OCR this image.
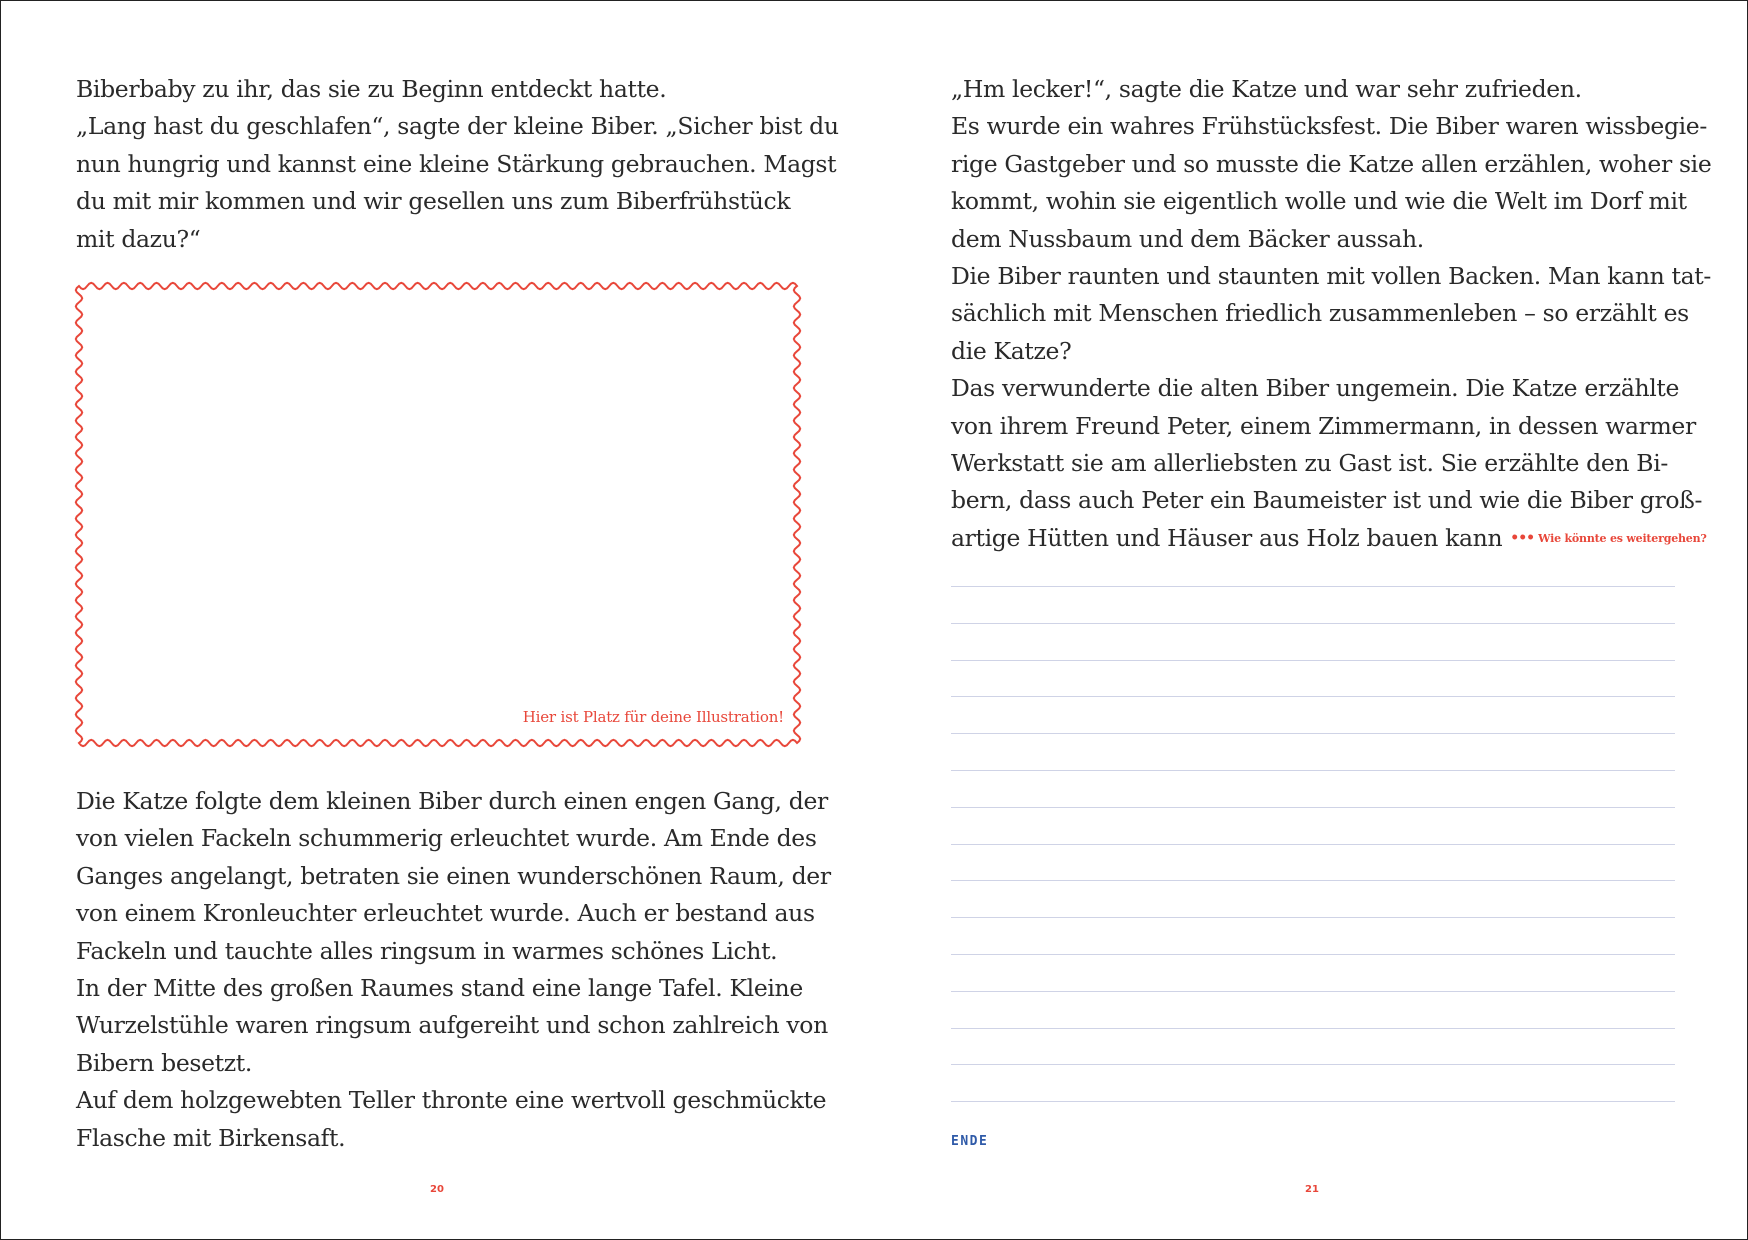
Biberbaby zu ihr, das sie zu Beginn entdeckt hatte.
„Lang hast du geschlafen“, sagte der kleine Biber. „Sicher bist du
nun hungrig und kannst eine kleine Stärkung gebrauchen. Magst
du mit mir kommen und wir gesellen uns zum Biberfrühstück
mit dazu?“
Hier ist Platz für deine Illustration!
Die Katze folgte dem kleinen Biber durch einen engen Gang, der
von vielen Fackeln schummerig erleuchtet wurde. Am Ende des
Ganges angelangt, betraten sie einen wunderschönen Raum, der
von einem Kronleuchter erleuchtet wurde. Auch er bestand aus
Fackeln und tauchte alles ringsum in warmes schönes Licht.
In der Mitte des großen Raumes stand eine lange Tafel. Kleine
Wurzelstühle waren ringsum aufgereiht und schon zahlreich von
Bibern besetzt.
Auf dem holzgewebten Teller thronte eine wertvoll geschmückte
Flasche mit Birkensaft.
20
„Hm lecker!“, sagte die Katze und war sehr zufrieden.
Es wurde ein wahres Frühstücksfest. Die Biber waren wissbegie-
rige Gastgeber und so musste die Katze allen erzählen, woher sie
kommt, wohin sie eigentlich wolle und wie die Welt im Dorf mit
dem Nussbaum und dem Bäcker aussah.
Die Biber raunten und staunten mit vollen Backen. Man kann tat-
sächlich mit Menschen friedlich zusammenleben – so erzählt es
die Katze?
Das verwunderte die alten Biber ungemein. Die Katze erzählte
von ihrem Freund Peter, einem Zimmermann, in dessen warmer
Werkstatt sie am allerliebsten zu Gast ist. Sie erzählte den Bi-
bern, dass auch Peter ein Baumeister ist und wie die Biber groß-
artige Hütten und Häuser aus Holz bauen kann ••• Wie könnte es weitergehen?
ENDE
21
